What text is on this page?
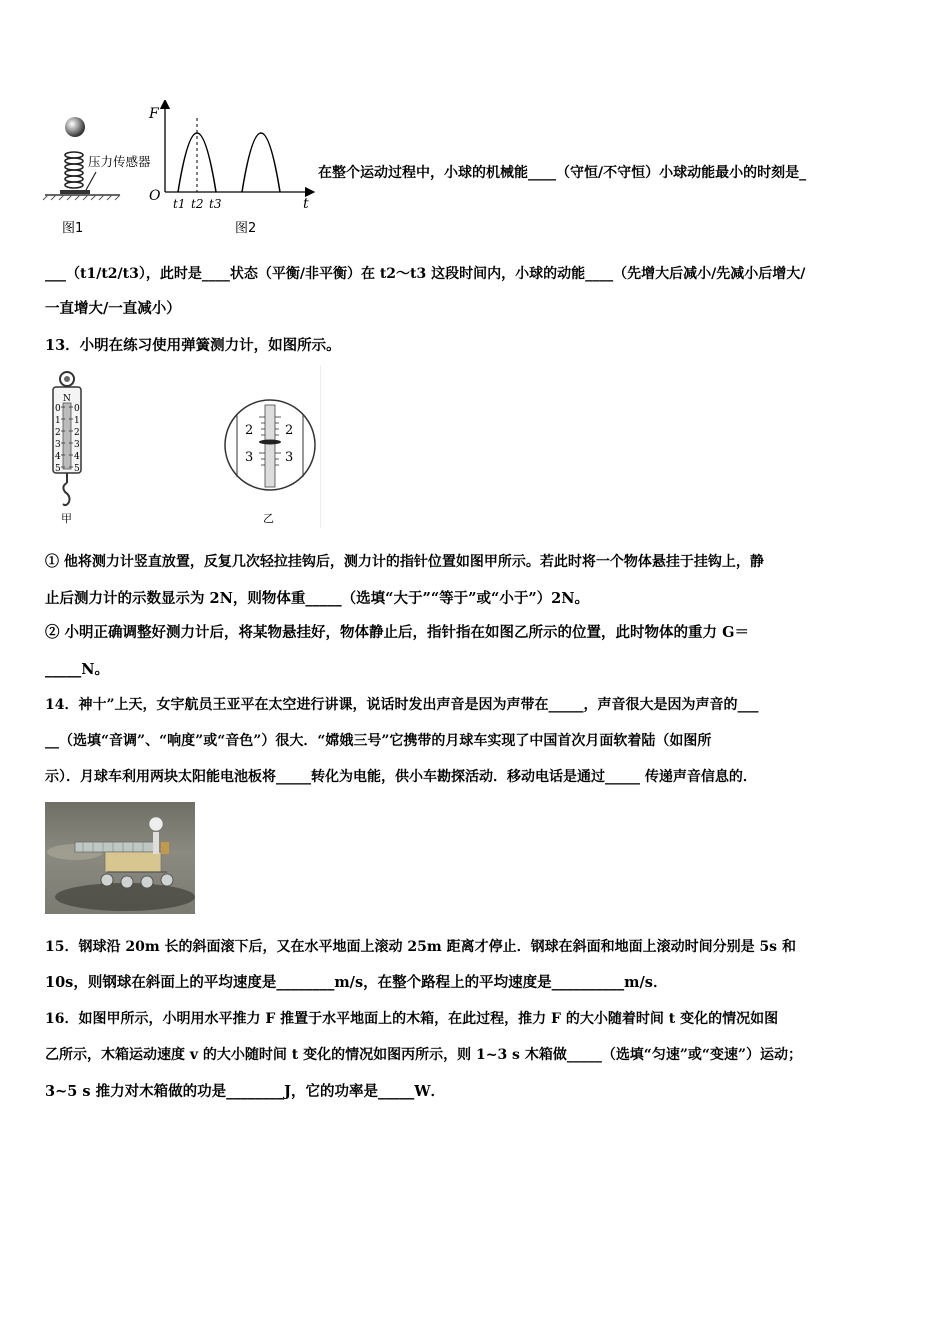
压力传感器
图1
F
O	t
t1 t2 t3
图2
在整个运动过程中，小球的机械能____（守恒/不守恒）小球动能最小的时刻是_
___（t1/t2/t3），此时是____状态（平衡/非平衡）在 t2～t3 这段时间内，小球的动能____（先增大后减小/先减小后增大/
一直增大/一直减小）
13．小明在练习使用弹簧测力计，如图所示。
N
0
1
2
3
4
5
0
1
2
3
4
5
甲
2 2
3 3
乙
① 他将测力计竖直放置，反复几次轻拉挂钩后，测力计的指针位置如图甲所示。若此时将一个物体悬挂于挂钩上，静
止后测力计的示数显示为 2N，则物体重_____（选填“大于”“等于”或“小于”）2N。
② 小明正确调整好测力计后，将某物悬挂好，物体静止后，指针指在如图乙所示的位置，此时物体的重力 G＝
_____N。
14．神十”上天，女宇航员王亚平在太空进行讲课，说话时发出声音是因为声带在_____，声音很大是因为声音的___
__（选填“音调”、“响度”或“音色”）很大．“嫦娥三号”它携带的月球车实现了中国首次月面软着陆（如图所
示）．月球车利用两块太阳能电池板将_____转化为电能，供小车勘探活动．移动电话是通过_____ 传递声音信息的．
15．钢球沿 20m 长的斜面滚下后，又在水平地面上滚动 25m 距离才停止．钢球在斜面和地面上滚动时间分别是 5s 和
10s，则钢球在斜面上的平均速度是________m/s，在整个路程上的平均速度是__________m/s．
16．如图甲所示，小明用水平推力 F 推置于水平地面上的木箱，在此过程，推力 F 的大小随着时间 t 变化的情况如图
乙所示，木箱运动速度 v 的大小随时间 t 变化的情况如图丙所示，则 1~3 s 木箱做_____（选填“匀速”或“变速”）运动；
3~5 s 推力对木箱做的功是________J，它的功率是_____W．
